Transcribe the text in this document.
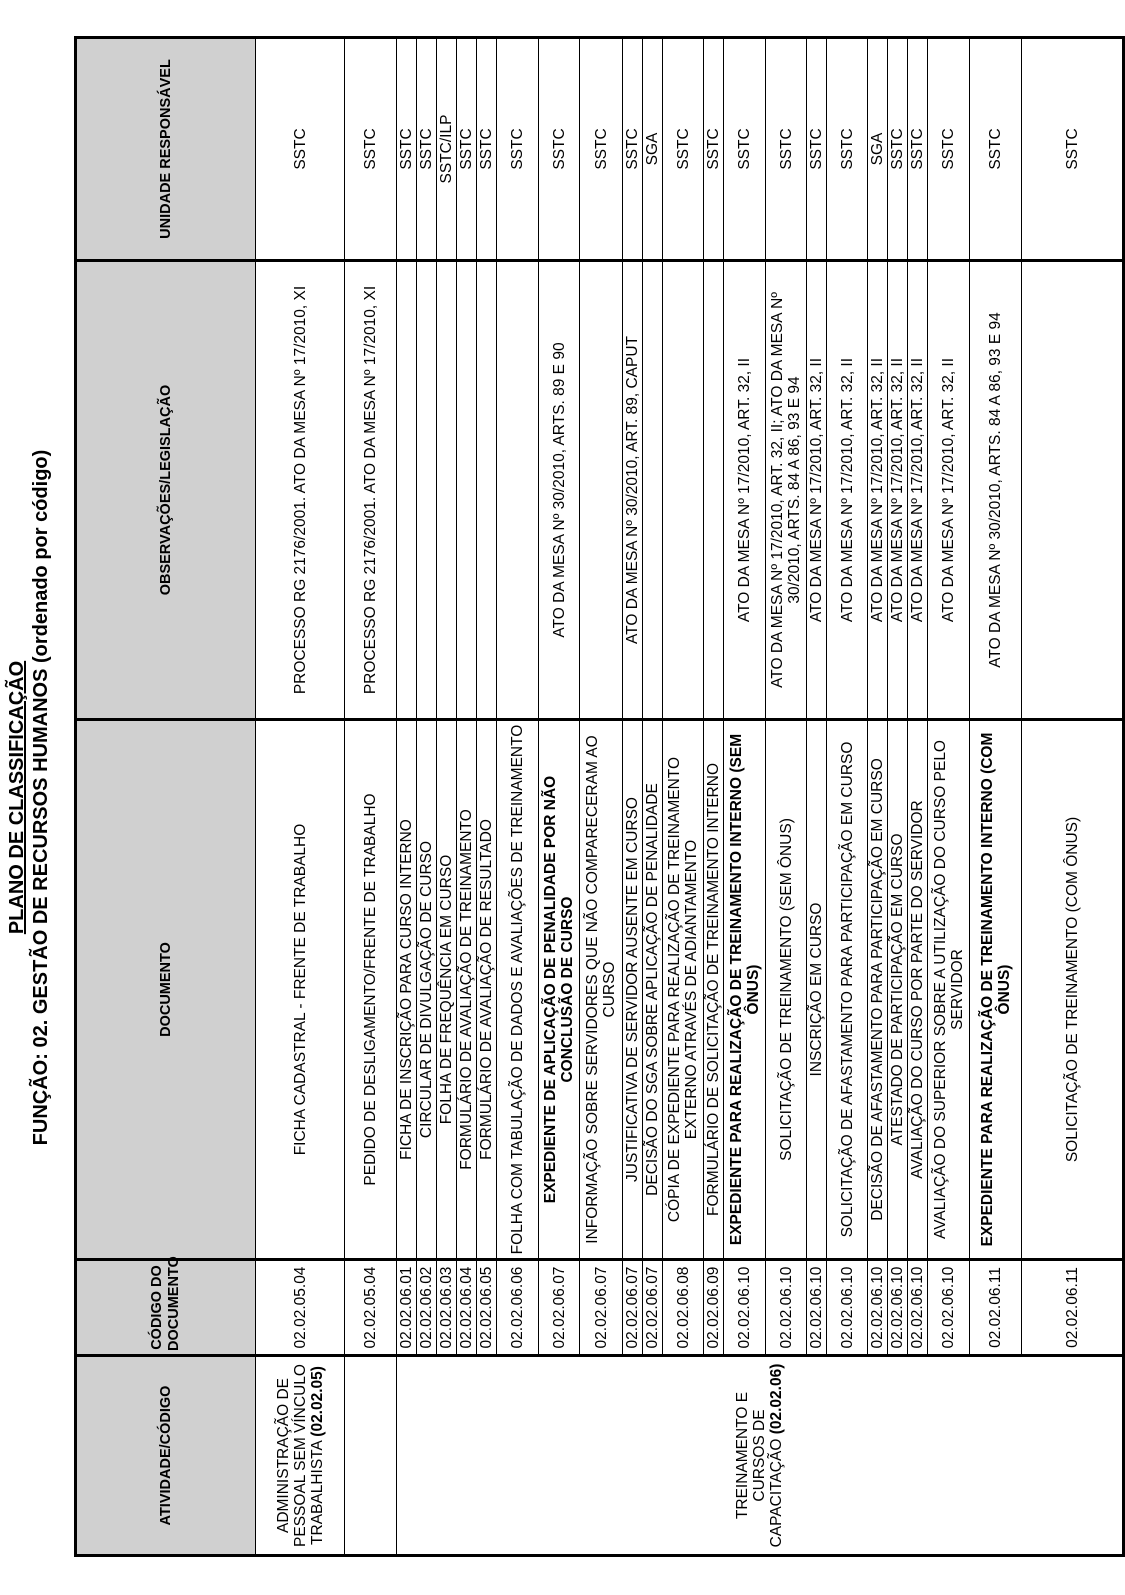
PLANO DE CLASSIFICAÇÃO
FUNÇÃO: 02. GESTÃO DE RECURSOS HUMANOS (ordenado por código)
ATIVIDADE/CÓDIGO	CÓDIGO DO DOCUMENTO	DOCUMENTO	OBSERVAÇÕES/LEGISLAÇÃO	UNIDADE RESPONSÁVEL
ADMINISTRAÇÃO DE PESSOAL SEM VÍNCULO TRABALHISTA (02.02.05)	02.02.05.04	FICHA CADASTRAL - FRENTE DE TRABALHO	PROCESSO RG 2176/2001. ATO DA MESA Nº 17/2010, XI	SSTC
	02.02.05.04	PEDIDO DE DESLIGAMENTO/FRENTE DE TRABALHO	PROCESSO RG 2176/2001. ATO DA MESA Nº 17/2010, XI	SSTC
TREINAMENTO E CURSOS DE CAPACITAÇÃO (02.02.06)	02.02.06.01	FICHA DE INSCRIÇÃO PARA CURSO INTERNO		SSTC
	02.02.06.02	CIRCULAR DE DIVULGAÇÃO DE CURSO		SSTC
	02.02.06.03	FOLHA DE FREQUÊNCIA EM CURSO		SSTC/ILP
	02.02.06.04	FORMULÁRIO DE AVALIAÇÃO DE TREINAMENTO		SSTC
	02.02.06.05	FORMULÁRIO DE AVALIAÇÃO DE RESULTADO		SSTC
	02.02.06.06	FOLHA COM TABULAÇÃO DE DADOS E AVALIAÇÕES DE TREINAMENTO		SSTC
	02.02.06.07	EXPEDIENTE DE APLICAÇÃO DE PENALIDADE POR NÃO CONCLUSÃO DE CURSO	ATO DA MESA Nº 30/2010, ARTS. 89 E 90	SSTC
	02.02.06.07	INFORMAÇÃO SOBRE SERVIDORES QUE NÃO COMPARECERAM AO CURSO		SSTC
	02.02.06.07	JUSTIFICATIVA DE SERVIDOR AUSENTE EM CURSO	ATO DA MESA Nº 30/2010, ART. 89, CAPUT	SSTC
	02.02.06.07	DECISÃO DO SGA SOBRE APLICAÇÃO DE PENALIDADE		SGA
	02.02.06.08	CÓPIA DE EXPEDIENTE PARA REALIZAÇÃO DE TREINAMENTO EXTERNO ATRAVÉS DE ADIANTAMENTO		SSTC
	02.02.06.09	FORMULÁRIO DE SOLICITAÇÃO DE TREINAMENTO INTERNO		SSTC
	02.02.06.10	EXPEDIENTE PARA REALIZAÇÃO DE TREINAMENTO INTERNO (SEM ÔNUS)	ATO DA MESA Nº 17/2010, ART. 32, II	SSTC
	02.02.06.10	SOLICITAÇÃO DE TREINAMENTO (SEM ÔNUS)	ATO DA MESA Nº 17/2010, ART. 32, II; ATO DA MESA Nº 30/2010, ARTS. 84 A 86, 93 E 94	SSTC
	02.02.06.10	INSCRIÇÃO EM CURSO	ATO DA MESA Nº 17/2010, ART. 32, II	SSTC
	02.02.06.10	SOLICITAÇÃO DE AFASTAMENTO PARA PARTICIPAÇÃO EM CURSO	ATO DA MESA Nº 17/2010, ART. 32, II	SSTC
	02.02.06.10	DECISÃO DE AFASTAMENTO PARA PARTICIPAÇÃO EM CURSO	ATO DA MESA Nº 17/2010, ART. 32, II	SGA
	02.02.06.10	ATESTADO DE PARTICIPAÇÃO EM CURSO	ATO DA MESA Nº 17/2010, ART. 32, II	SSTC
	02.02.06.10	AVALIAÇÃO DO CURSO POR PARTE DO SERVIDOR	ATO DA MESA Nº 17/2010, ART. 32, II	SSTC
	02.02.06.10	AVALIAÇÃO DO SUPERIOR SOBRE A UTILIZAÇÃO DO CURSO PELO SERVIDOR	ATO DA MESA Nº 17/2010, ART. 32, II	SSTC
	02.02.06.11	EXPEDIENTE PARA REALIZAÇÃO DE TREINAMENTO INTERNO (COM ÔNUS)	ATO DA MESA Nº 30/2010, ARTS. 84 A 86, 93 E 94	SSTC
	02.02.06.11	SOLICITAÇÃO DE TREINAMENTO (COM ÔNUS)		SSTC
